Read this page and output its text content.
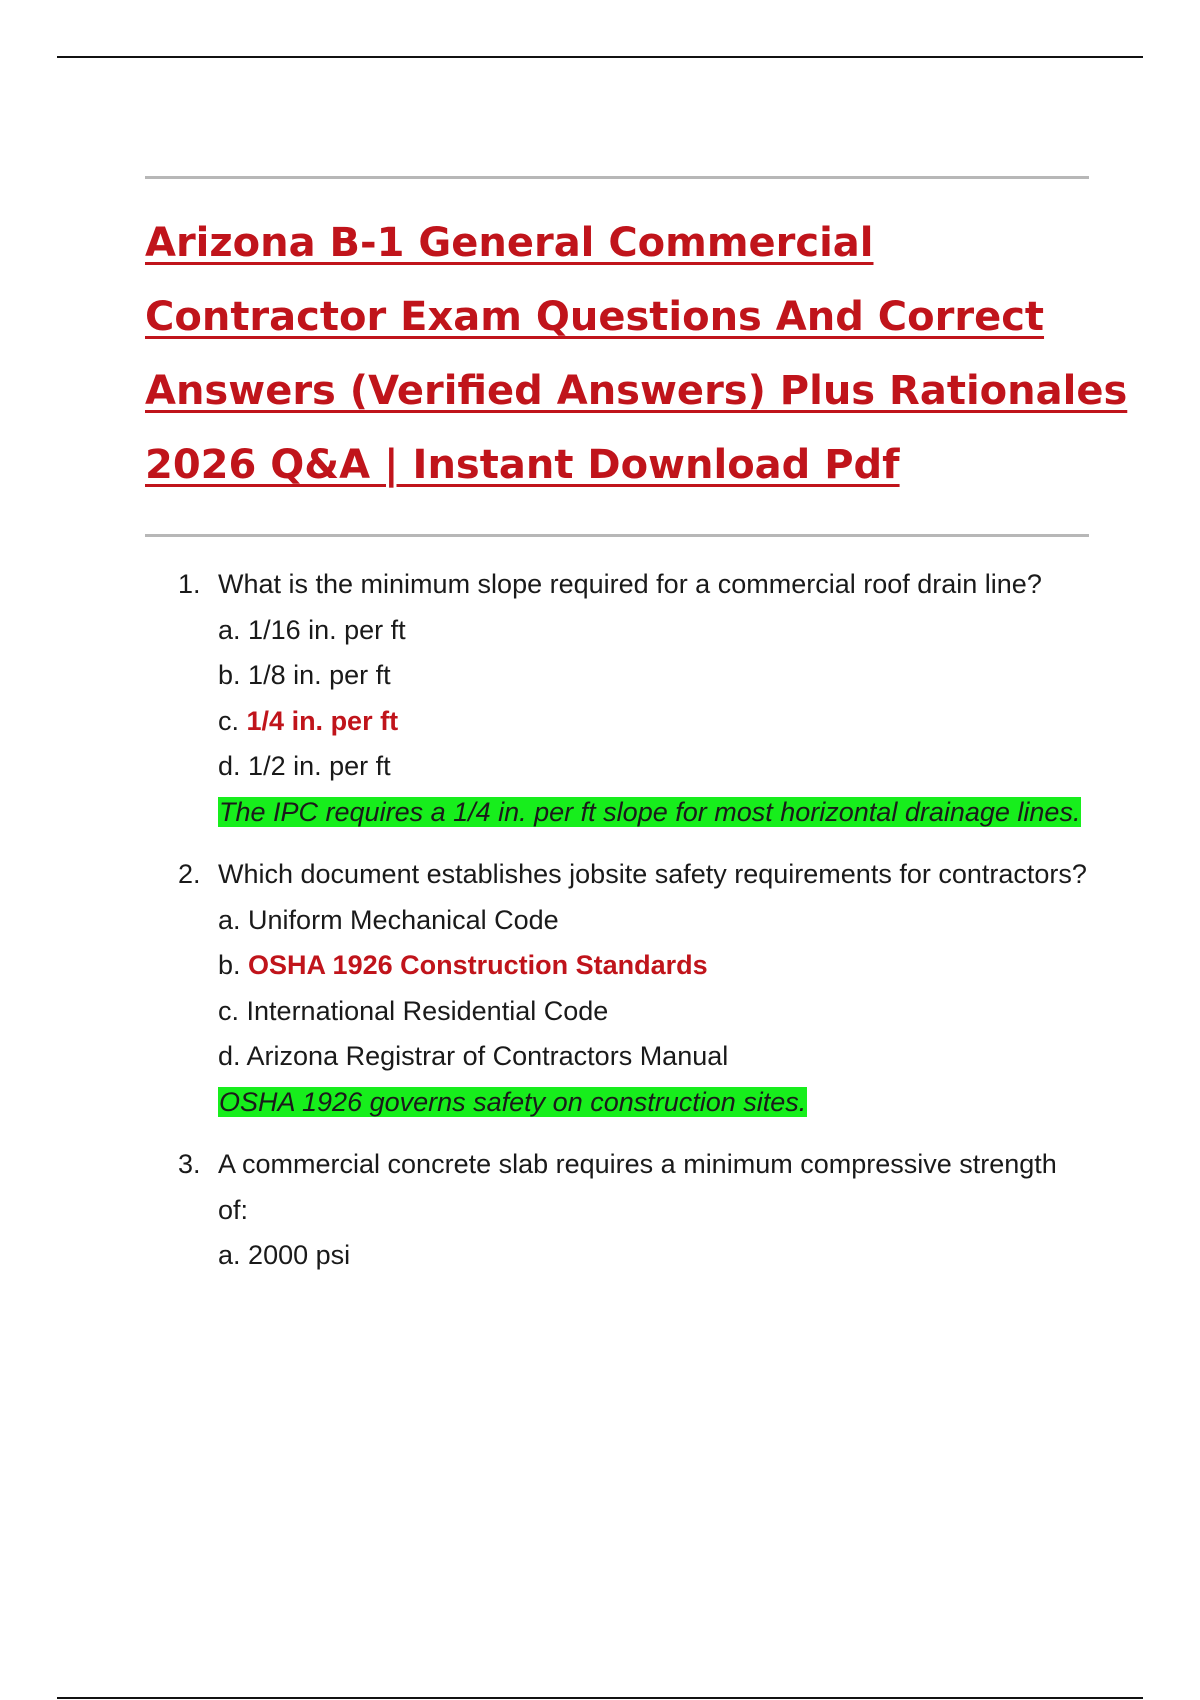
Arizona B-1 General Commercial
Contractor Exam Questions And Correct
Answers (Verified Answers) Plus Rationales
2026 Q&A | Instant Download Pdf
1. What is the minimum slope required for a commercial roof drain line?
a. 1/16 in. per ft
b. 1/8 in. per ft
c. 1/4 in. per ft
d. 1/2 in. per ft
The IPC requires a 1/4 in. per ft slope for most horizontal drainage lines.
2. Which document establishes jobsite safety requirements for contractors?
a. Uniform Mechanical Code
b. OSHA 1926 Construction Standards
c. International Residential Code
d. Arizona Registrar of Contractors Manual
OSHA 1926 governs safety on construction sites.
3. A commercial concrete slab requires a minimum compressive strength of:
a. 2000 psi
